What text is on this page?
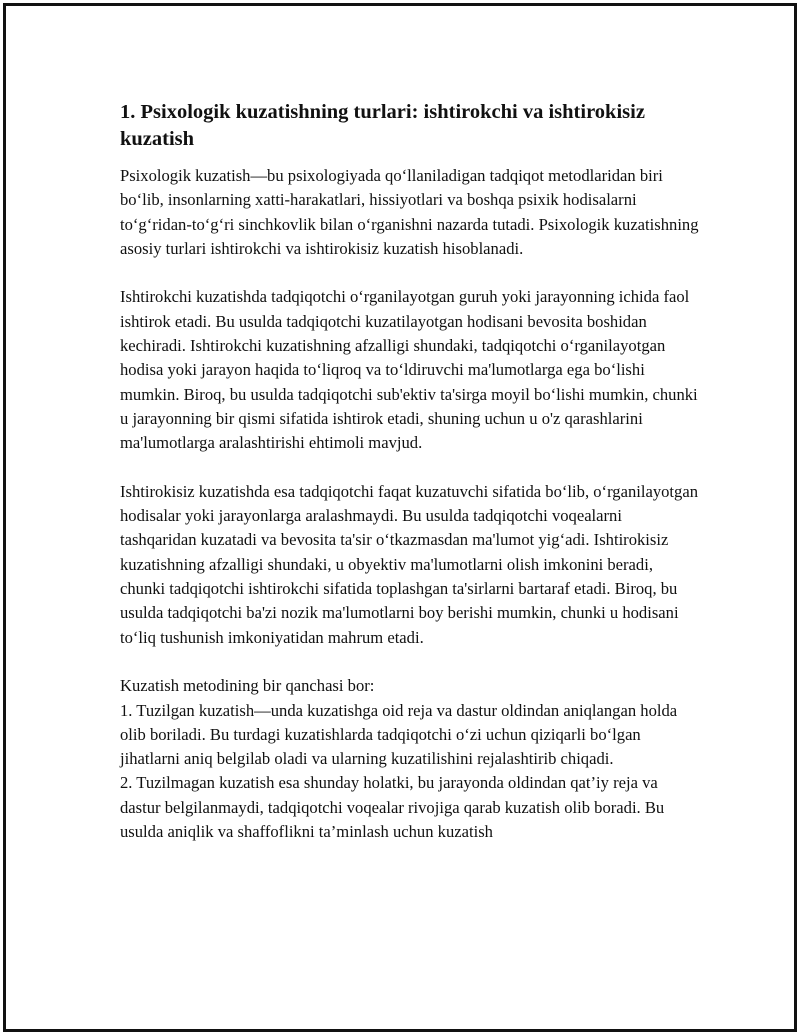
1. Psixologik kuzatishning turlari: ishtirokchi va ishtirokisiz kuzatish

Psixologik kuzatish—bu psixologiyada qo‘llaniladigan tadqiqot metodlaridan biri bo‘lib, insonlarning xatti-harakatlari, hissiyotlari va boshqa psixik hodisalarni to‘g‘ridan-to‘g‘ri sinchkovlik bilan o‘rganishni nazarda tutadi. Psixologik kuzatishning asosiy turlari ishtirokchi va ishtirokisiz kuzatish hisoblanadi.

Ishtirokchi kuzatishda tadqiqotchi o‘rganilayotgan guruh yoki jarayonning ichida faol ishtirok etadi. Bu usulda tadqiqotchi kuzatilayotgan hodisani bevosita boshidan kechiradi. Ishtirokchi kuzatishning afzalligi shundaki, tadqiqotchi o‘rganilayotgan hodisa yoki jarayon haqida to‘liqroq va to‘ldiruvchi ma'lumotlarga ega bo‘lishi mumkin. Biroq, bu usulda tadqiqotchi sub'ektiv ta'sirga moyil bo‘lishi mumkin, chunki u jarayonning bir qismi sifatida ishtirok etadi, shuning uchun u o'z qarashlarini ma'lumotlarga aralashtirishi ehtimoli mavjud.

Ishtirokisiz kuzatishda esa tadqiqotchi faqat kuzatuvchi sifatida bo‘lib, o‘rganilayotgan hodisalar yoki jarayonlarga aralashmaydi. Bu usulda tadqiqotchi voqealarni tashqaridan kuzatadi va bevosita ta'sir o‘tkazmasdan ma'lumot yig‘adi. Ishtirokisiz kuzatishning afzalligi shundaki, u obyektiv ma'lumotlarni olish imkonini beradi, chunki tadqiqotchi ishtirokchi sifatida toplashgan ta'sirlarni bartaraf etadi. Biroq, bu usulda tadqiqotchi ba'zi nozik ma'lumotlarni boy berishi mumkin, chunki u hodisani to‘liq tushunish imkoniyatidan mahrum etadi.

Kuzatish metodining bir qanchasi bor:

1. Tuzilgan kuzatish—unda kuzatishga oid reja va dastur oldindan aniqlangan holda olib boriladi. Bu turdagi kuzatishlarda tadqiqotchi o‘zi uchun qiziqarli bo‘lgan jihatlarni aniq belgilab oladi va ularning kuzatilishini rejalashtirib chiqadi.

2. Tuzilmagan kuzatish esa shunday holatki, bu jarayonda oldindan qat’iy reja va dastur belgilanmaydi, tadqiqotchi voqealar rivojiga qarab kuzatish olib boradi. Bu usulda aniqlik va shaffoflikni ta’minlash uchun kuzatish
